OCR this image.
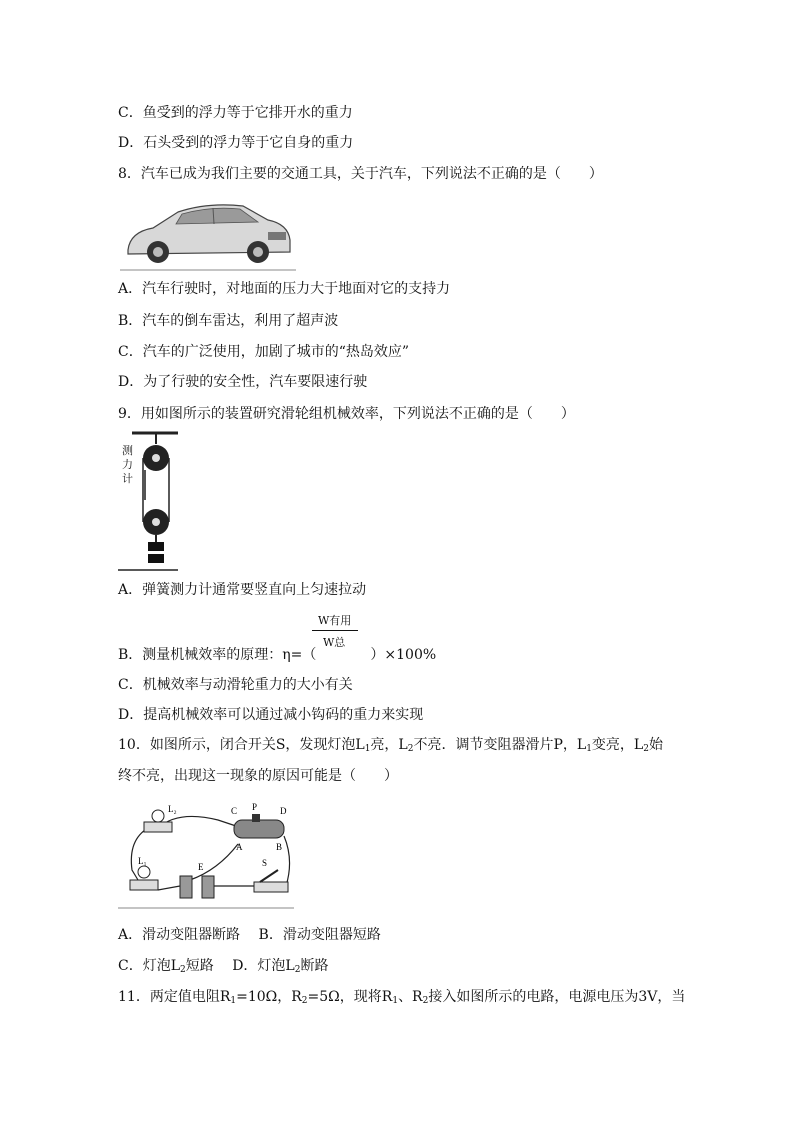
C．鱼受到的浮力等于它排开水的重力
D．石头受到的浮力等于它自身的重力
8．汽车已成为我们主要的交通工具，关于汽车，下列说法不正确的是（　　）
A．汽车行驶时，对地面的压力大于地面对它的支持力
B．汽车的倒车雷达，利用了超声波
C．汽车的广泛使用，加剧了城市的“热岛效应”
D．为了行驶的安全性，汽车要限速行驶
9．用如图所示的装置研究滑轮组机械效率，下列说法不正确的是（　　）
测
力
计
A．弹簧测力计通常要竖直向上匀速拉动
W有用
W总
B．测量机械效率的原理：η=（	）×100%
C．机械效率与动滑轮重力的大小有关
D．提高机械效率可以通过减小钩码的重力来实现
10．如图所示，闭合开关S，发现灯泡$L_1$亮，$L_2$不亮．调节变阻器滑片P，$L_1$变亮，$L_2$始
终不亮，出现这一现象的原因可能是（　　）
L₂	C P	D
A	B
L₁
E	S
A．滑动变阻器断路　 B．滑动变阻器短路
C．灯泡$L_2$短路　 D．灯泡$L_2$断路
11．两定值电阻$R_1=10\Omega$，$R_2=5\Omega$，现将$R_1$、$R_2$接入如图所示的电路，电源电压为3V，当
